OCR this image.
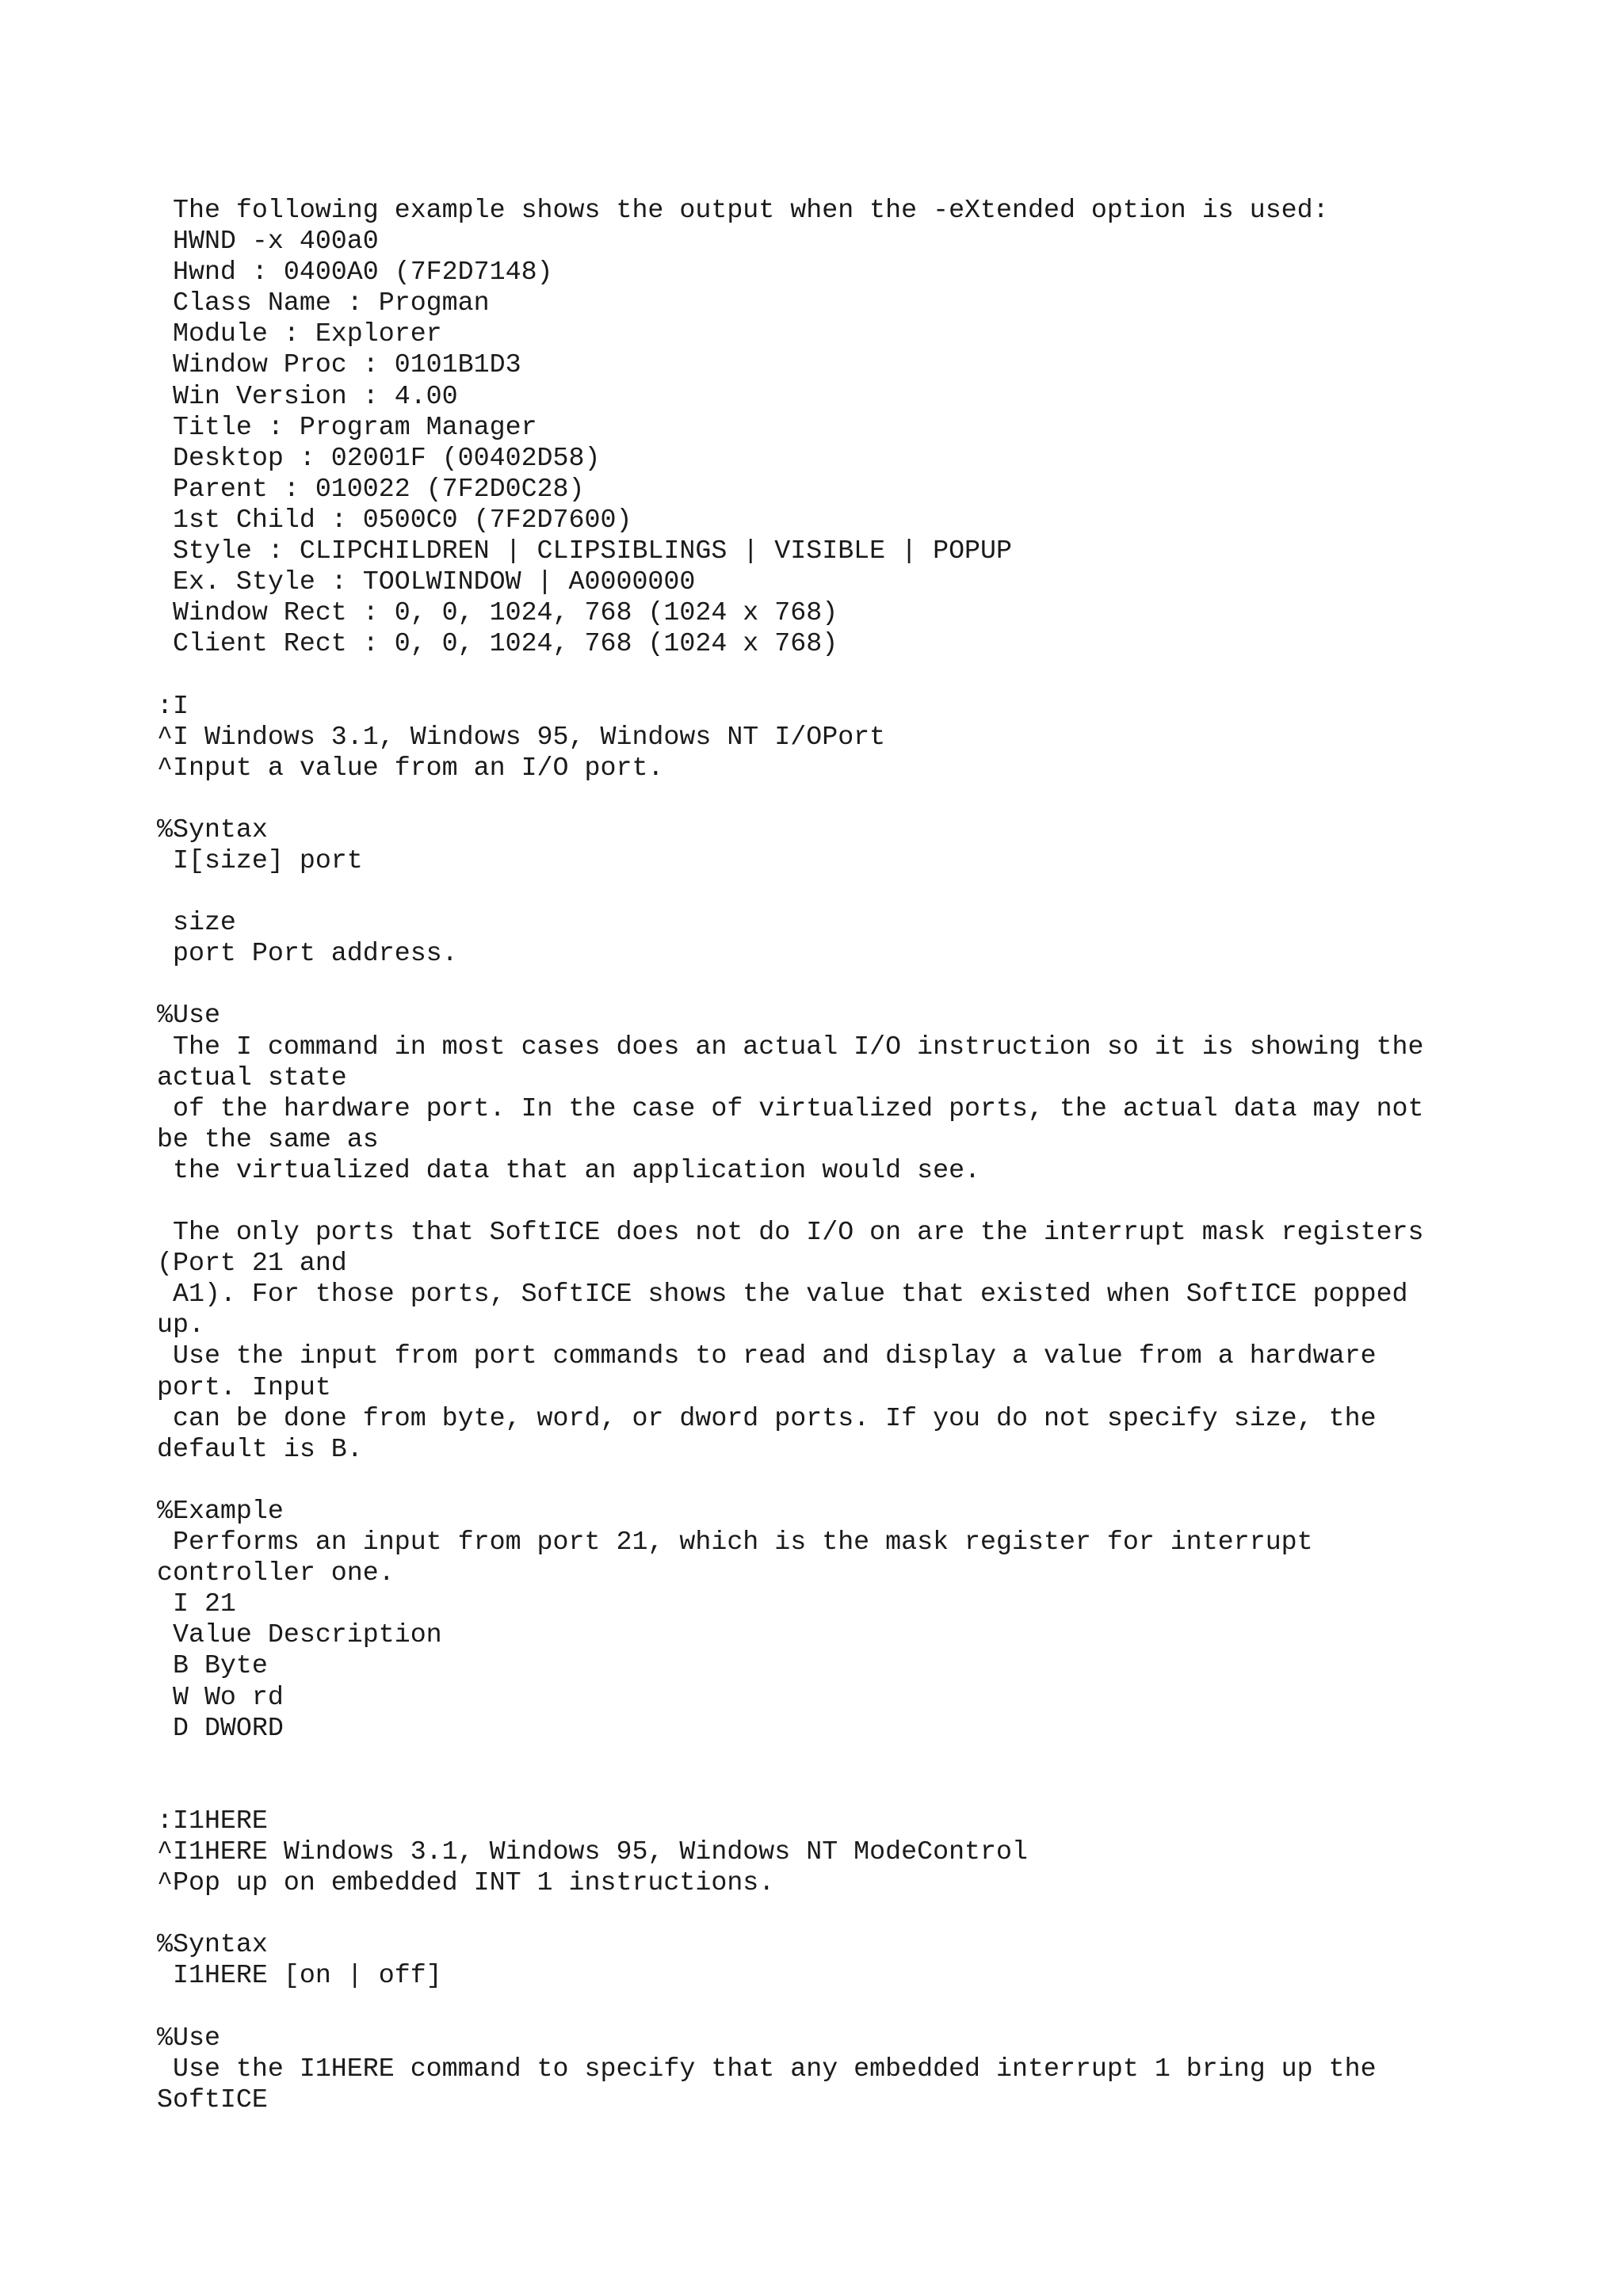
The following example shows the output when the -eXtended option is used:
HWND -x 400a0
Hwnd : 0400A0 (7F2D7148)
Class Name : Progman
Module : Explorer
Window Proc : 0101B1D3
Win Version : 4.00
Title : Program Manager
Desktop : 02001F (00402D58)
Parent : 010022 (7F2D0C28)
1st Child : 0500C0 (7F2D7600)
Style : CLIPCHILDREN | CLIPSIBLINGS | VISIBLE | POPUP
Ex. Style : TOOLWINDOW | A0000000
Window Rect : 0, 0, 1024, 768 (1024 x 768)
Client Rect : 0, 0, 1024, 768 (1024 x 768)
:I
^I Windows 3.1, Windows 95, Windows NT I/OPort
^Input a value from an I/O port.
%Syntax
I[size] port
size
port Port address.
%Use
The I command in most cases does an actual I/O instruction so it is showing the
actual state
of the hardware port. In the case of virtualized ports, the actual data may not
be the same as
the virtualized data that an application would see.
The only ports that SoftICE does not do I/O on are the interrupt mask registers
(Port 21 and
A1). For those ports, SoftICE shows the value that existed when SoftICE popped
up.
Use the input from port commands to read and display a value from a hardware
port. Input
can be done from byte, word, or dword ports. If you do not specify size, the
default is B.
%Example
Performs an input from port 21, which is the mask register for interrupt
controller one.
I 21
Value Description
B Byte
W Wo rd
D DWORD
:I1HERE
^I1HERE Windows 3.1, Windows 95, Windows NT ModeControl
^Pop up on embedded INT 1 instructions.
%Syntax
I1HERE [on | off]
%Use
Use the I1HERE command to specify that any embedded interrupt 1 bring up the
SoftICE
